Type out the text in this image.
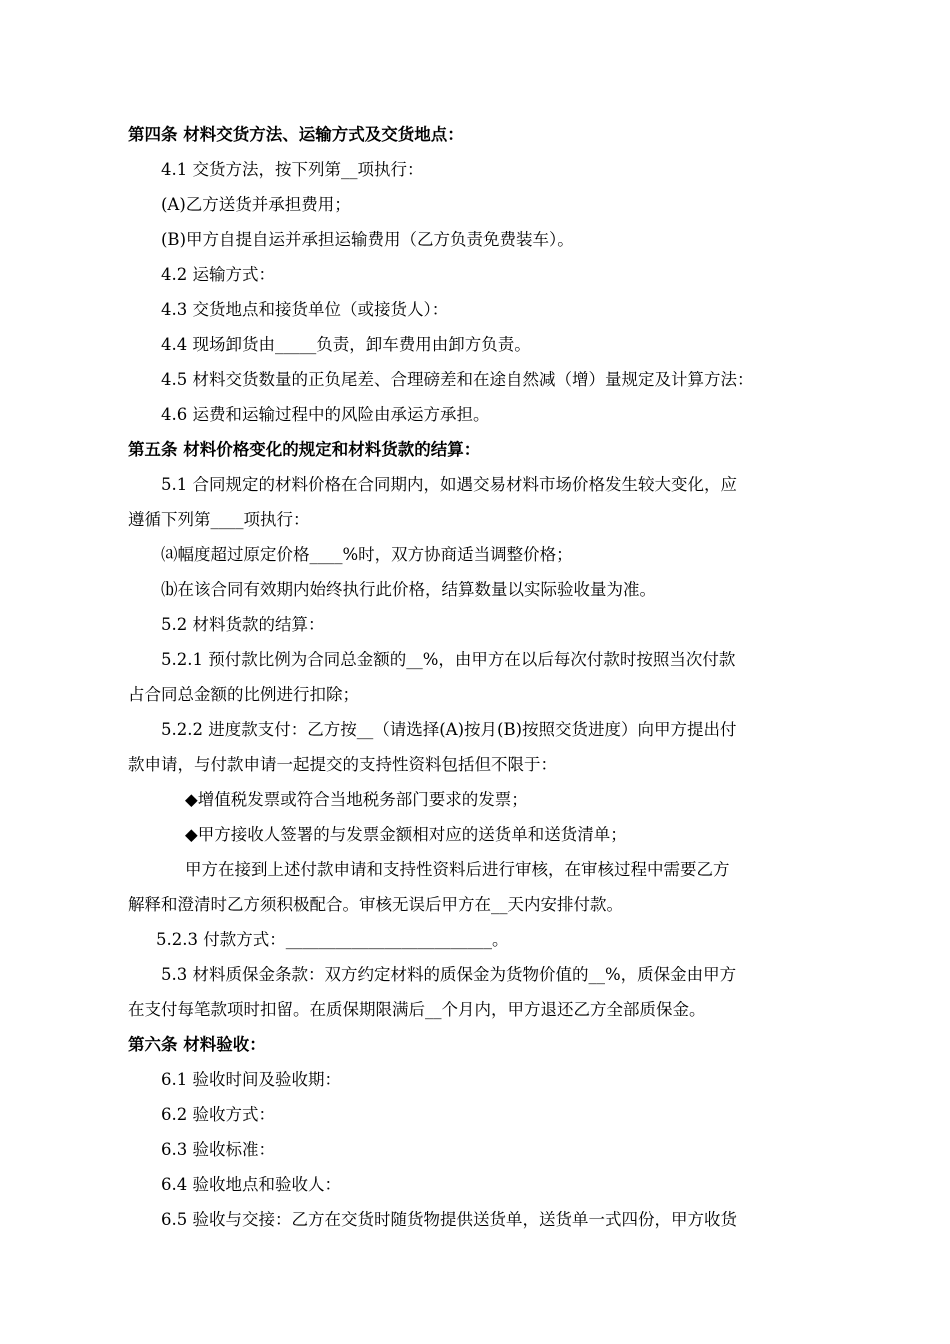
第四条 材料交货方法、运输方式及交货地点：
4.1 交货方法，按下列第__项执行：
(A)乙方送货并承担费用；
(B)甲方自提自运并承担运输费用（乙方负责免费装车）。
4.2 运输方式：
4.3 交货地点和接货单位（或接货人）：
4.4 现场卸货由_____负责，卸车费用由卸方负责。
4.5 材料交货数量的正负尾差、合理磅差和在途自然减（增）量规定及计算方法：
4.6 运费和运输过程中的风险由承运方承担。
第五条 材料价格变化的规定和材料货款的结算：
5.1 合同规定的材料价格在合同期内，如遇交易材料市场价格发生较大变化，应
遵循下列第____项执行：
⒜幅度超过原定价格____%时，双方协商适当调整价格；
⒝在该合同有效期内始终执行此价格，结算数量以实际验收量为准。
5.2 材料货款的结算：
5.2.1 预付款比例为合同总金额的__%，由甲方在以后每次付款时按照当次付款
占合同总金额的比例进行扣除；
5.2.2 进度款支付：乙方按__（请选择(A)按月(B)按照交货进度）向甲方提出付
款申请，与付款申请一起提交的支持性资料包括但不限于：
◆增值税发票或符合当地税务部门要求的发票；
◆甲方接收人签署的与发票金额相对应的送货单和送货清单；
甲方在接到上述付款申请和支持性资料后进行审核，在审核过程中需要乙方
解释和澄清时乙方须积极配合。审核无误后甲方在__天内安排付款。
5.2.3 付款方式：_________________________。
5.3 材料质保金条款：双方约定材料的质保金为货物价值的__%，质保金由甲方
在支付每笔款项时扣留。在质保期限满后__个月内，甲方退还乙方全部质保金。
第六条 材料验收：
6.1 验收时间及验收期：
6.2 验收方式：
6.3 验收标准：
6.4 验收地点和验收人：
6.5 验收与交接：乙方在交货时随货物提供送货单，送货单一式四份，甲方收货
